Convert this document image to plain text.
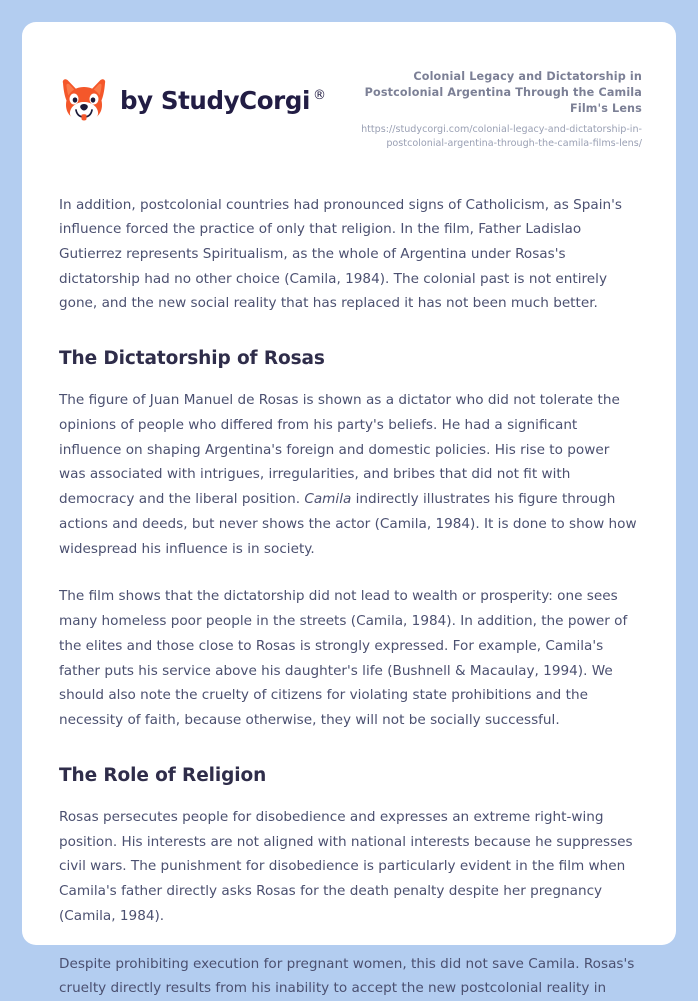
by StudyCorgi ®

Colonial Legacy and Dictatorship in Postcolonial Argentina Through the Camila Film's Lens

https://studycorgi.com/colonial-legacy-and-dictatorship-in-postcolonial-argentina-through-the-camila-films-lens/

In addition, postcolonial countries had pronounced signs of Catholicism, as Spain's influence forced the practice of only that religion. In the film, Father Ladislao Gutierrez represents Spiritualism, as the whole of Argentina under Rosas's dictatorship had no other choice (Camila, 1984). The colonial past is not entirely gone, and the new social reality that has replaced it has not been much better.

The Dictatorship of Rosas

The figure of Juan Manuel de Rosas is shown as a dictator who did not tolerate the opinions of people who differed from his party's beliefs. He had a significant influence on shaping Argentina's foreign and domestic policies. His rise to power was associated with intrigues, irregularities, and bribes that did not fit with democracy and the liberal position. Camila indirectly illustrates his figure through actions and deeds, but never shows the actor (Camila, 1984). It is done to show how widespread his influence is in society.

The film shows that the dictatorship did not lead to wealth or prosperity: one sees many homeless poor people in the streets (Camila, 1984). In addition, the power of the elites and those close to Rosas is strongly expressed. For example, Camila's father puts his service above his daughter's life (Bushnell & Macaulay, 1994). We should also note the cruelty of citizens for violating state prohibitions and the necessity of faith, because otherwise, they will not be socially successful.

The Role of Religion

Rosas persecutes people for disobedience and expresses an extreme right-wing position. His interests are not aligned with national interests because he suppresses civil wars. The punishment for disobedience is particularly evident in the film when Camila's father directly asks Rosas for the death penalty despite her pregnancy (Camila, 1984).

Despite prohibiting execution for pregnant women, this did not save Camila. Rosas's cruelty directly results from his inability to accept the new postcolonial reality in
